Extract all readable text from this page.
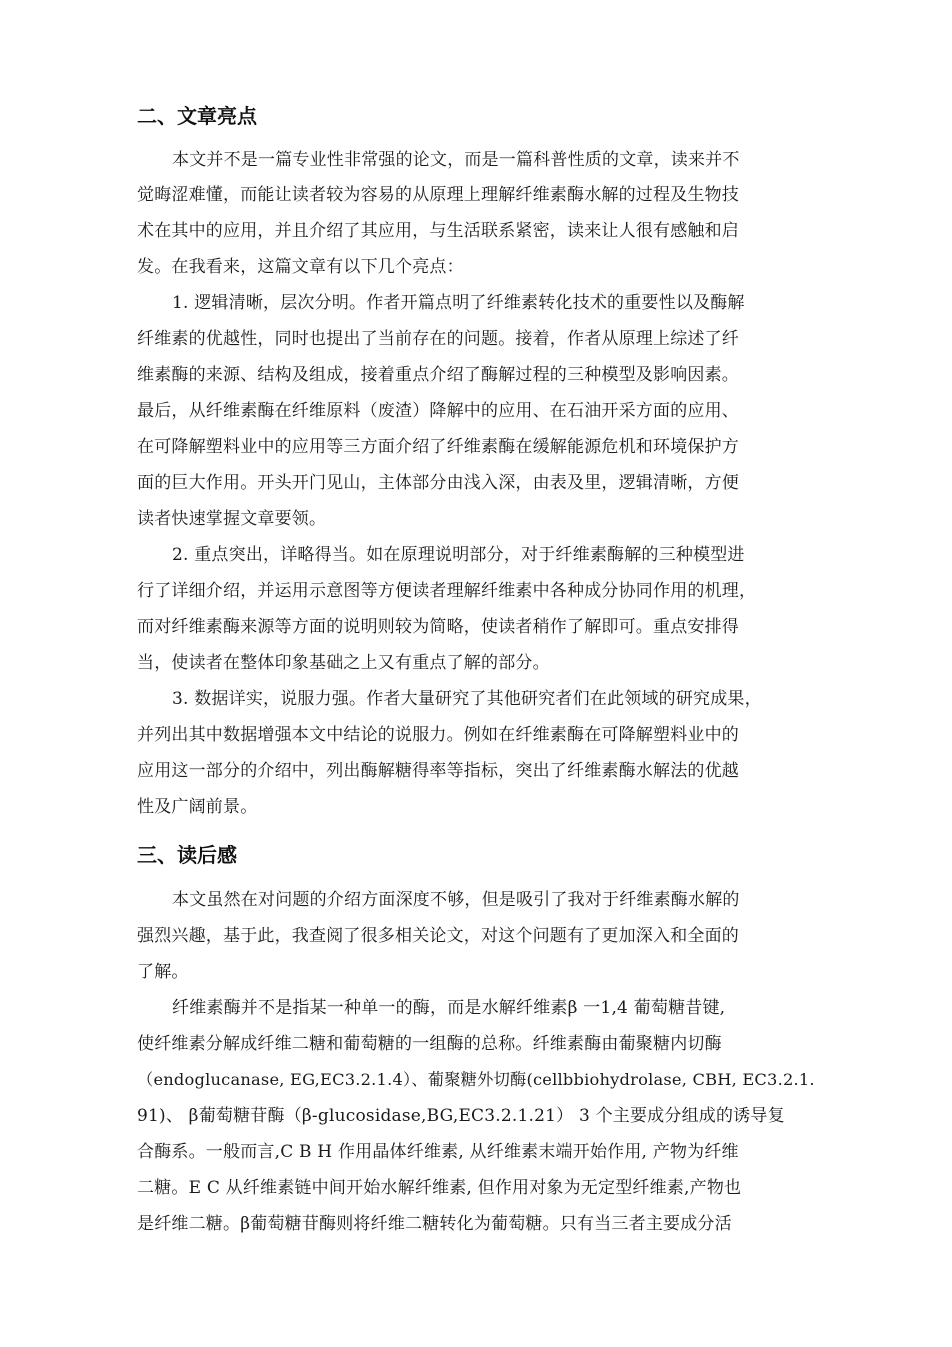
二、文章亮点
本文并不是一篇专业性非常强的论文，而是一篇科普性质的文章，读来并不
觉晦涩难懂，而能让读者较为容易的从原理上理解纤维素酶水解的过程及生物技
术在其中的应用，并且介绍了其应用，与生活联系紧密，读来让人很有感触和启
发。在我看来，这篇文章有以下几个亮点：
1. 逻辑清晰，层次分明。作者开篇点明了纤维素转化技术的重要性以及酶解
纤维素的优越性，同时也提出了当前存在的问题。接着，作者从原理上综述了纤
维素酶的来源、结构及组成，接着重点介绍了酶解过程的三种模型及影响因素。
最后，从纤维素酶在纤维原料（废渣）降解中的应用、在石油开采方面的应用、
在可降解塑料业中的应用等三方面介绍了纤维素酶在缓解能源危机和环境保护方
面的巨大作用。开头开门见山，主体部分由浅入深，由表及里，逻辑清晰，方便
读者快速掌握文章要领。
2. 重点突出，详略得当。如在原理说明部分，对于纤维素酶解的三种模型进
行了详细介绍，并运用示意图等方便读者理解纤维素中各种成分协同作用的机理，
而对纤维素酶来源等方面的说明则较为简略，使读者稍作了解即可。重点安排得
当，使读者在整体印象基础之上又有重点了解的部分。
3. 数据详实，说服力强。作者大量研究了其他研究者们在此领域的研究成果，
并列出其中数据增强本文中结论的说服力。例如在纤维素酶在可降解塑料业中的
应用这一部分的介绍中，列出酶解糖得率等指标，突出了纤维素酶水解法的优越
性及广阔前景。
三、读后感
本文虽然在对问题的介绍方面深度不够，但是吸引了我对于纤维素酶水解的
强烈兴趣，基于此，我查阅了很多相关论文，对这个问题有了更加深入和全面的
了解。
纤维素酶并不是指某一种单一的酶，而是水解纤维素β 一1,4 葡萄糖昔键,
使纤维素分解成纤维二糖和葡萄糖的一组酶的总称。纤维素酶由葡聚糖内切酶
（endoglucanase, EG,EC3.2.1.4）、葡聚糖外切酶(cellbbiohydrolase, CBH, EC3.2.1.
91)、 β葡萄糖苷酶（β-glucosidase,BG,EC3.2.1.21） 3 个主要成分组成的诱导复
合酶系。一般而言,C B H 作用晶体纤维素, 从纤维素末端开始作用, 产物为纤维
二糖。E C 从纤维素链中间开始水解纤维素, 但作用对象为无定型纤维素,产物也
是纤维二糖。β葡萄糖苷酶则将纤维二糖转化为葡萄糖。只有当三者主要成分活
